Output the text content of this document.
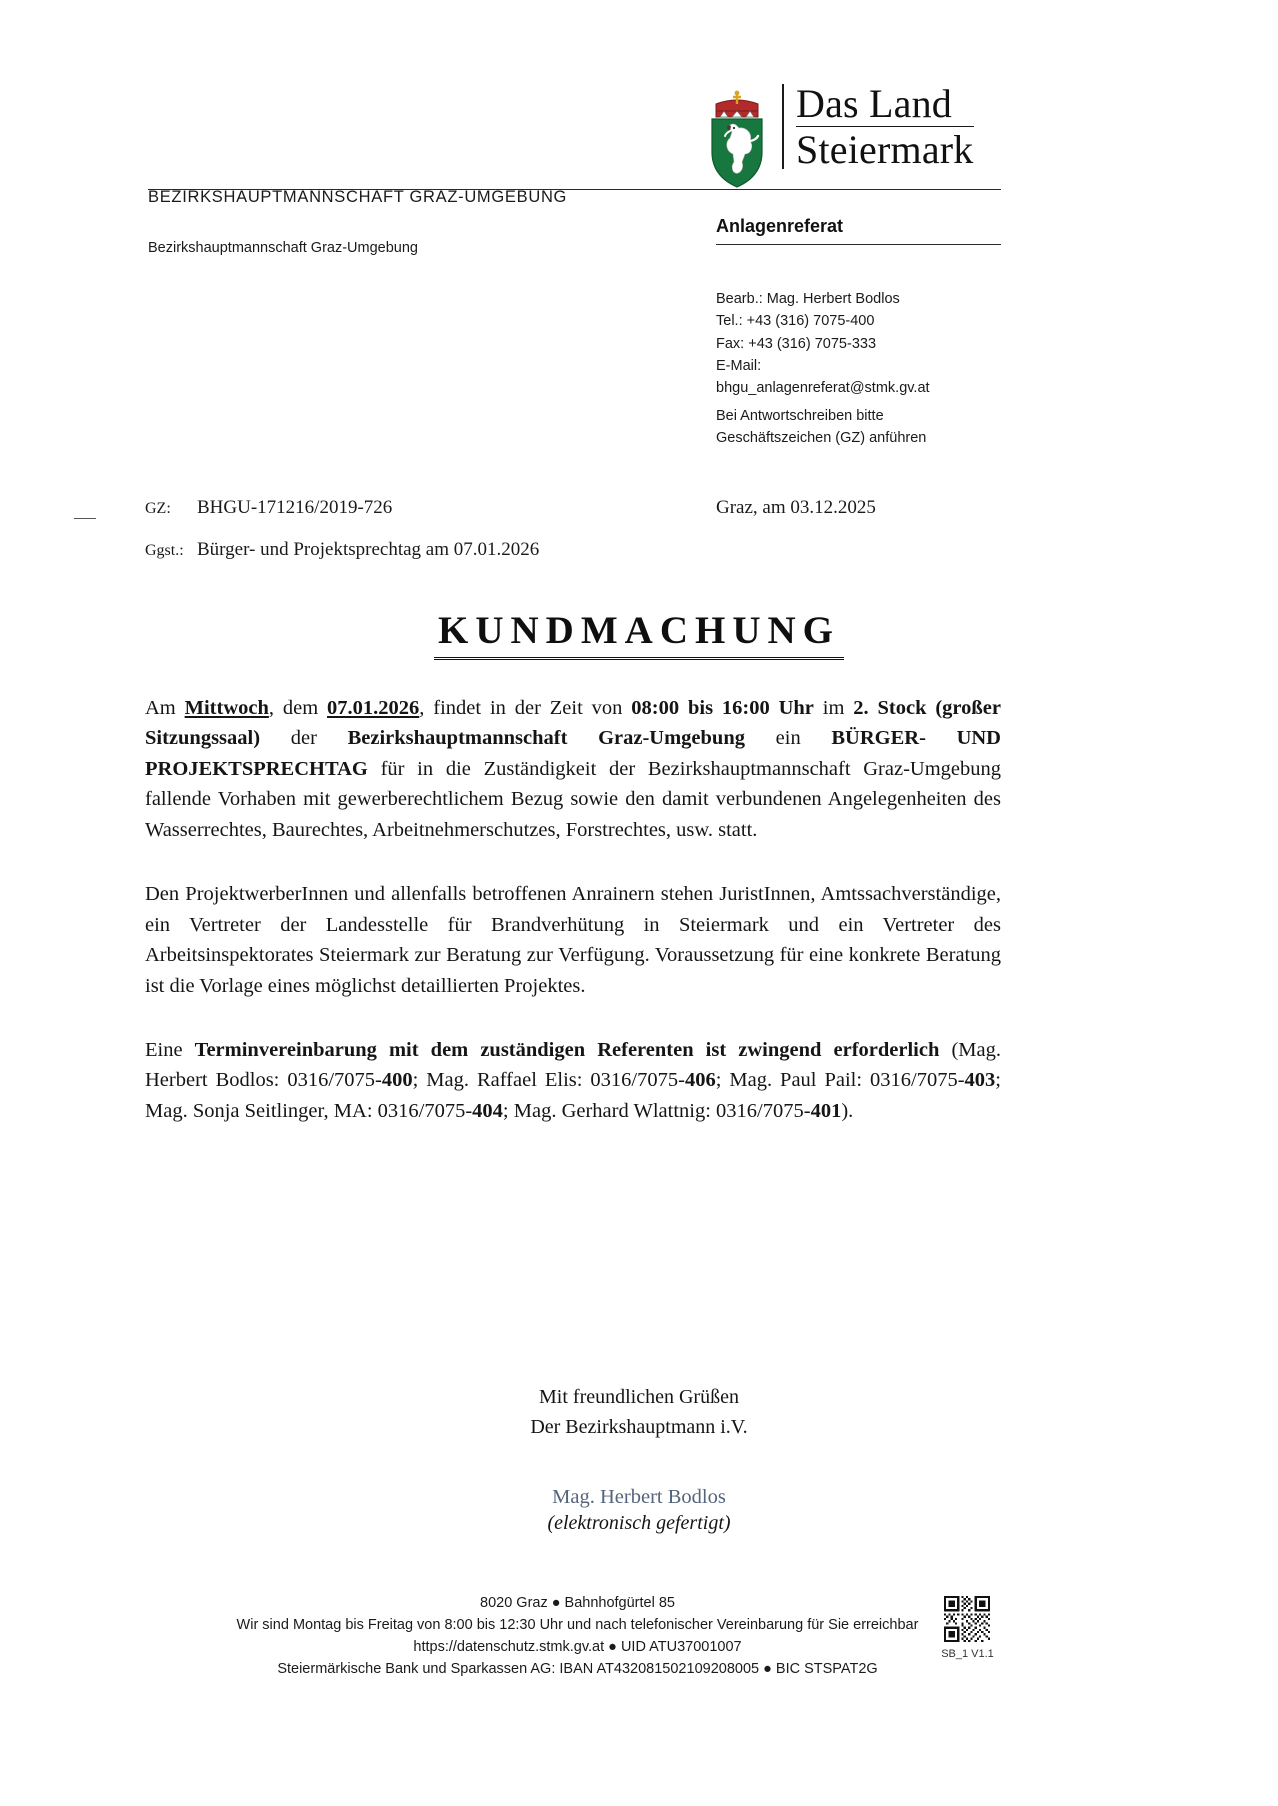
Das Land
Steiermark
BEZIRKSHAUPTMANNSCHAFT GRAZ-UMGEBUNG
Bezirkshauptmannschaft Graz-Umgebung
Anlagenreferat
Bearb.: Mag. Herbert Bodlos
Tel.: +43 (316) 7075-400
Fax: +43 (316) 7075-333
E-Mail:
bhgu_anlagenreferat@stmk.gv.at
Bei Antwortschreiben bitte
Geschäftszeichen (GZ) anführen
GZ: BHGU-171216/2019-726	Graz, am 03.12.2025
Ggst.: Bürger- und Projektsprechtag am 07.01.2026
KUNDMACHUNG

Am Mittwoch, dem 07.01.2026, findet in der Zeit von 08:00 bis 16:00 Uhr im 2. Stock (großer Sitzungssaal) der Bezirkshauptmannschaft Graz-Umgebung ein BÜRGER- UND PROJEKTSPRECHTAG für in die Zuständigkeit der Bezirkshauptmannschaft Graz-Umgebung fallende Vorhaben mit gewerberechtlichem Bezug sowie den damit verbundenen Angelegenheiten des Wasserrechtes, Baurechtes, Arbeitnehmerschutzes, Forstrechtes, usw. statt.

Den ProjektwerberInnen und allenfalls betroffenen Anrainern stehen JuristInnen, Amtssachverständige, ein Vertreter der Landesstelle für Brandverhütung in Steiermark und ein Vertreter des Arbeitsinspektorates Steiermark zur Beratung zur Verfügung. Voraussetzung für eine konkrete Beratung ist die Vorlage eines möglichst detaillierten Projektes.

Eine Terminvereinbarung mit dem zuständigen Referenten ist zwingend erforderlich (Mag. Herbert Bodlos: 0316/7075-400; Mag. Raffael Elis: 0316/7075-406; Mag. Paul Pail: 0316/7075-403; Mag. Sonja Seitlinger, MA: 0316/7075-404; Mag. Gerhard Wlattnig: 0316/7075-401).

Mit freundlichen Grüßen
Der Bezirkshauptmann i.V.
Mag. Herbert Bodlos
(elektronisch gefertigt)
8020 Graz ● Bahnhofgürtel 85
Wir sind Montag bis Freitag von 8:00 bis 12:30 Uhr und nach telefonischer Vereinbarung für Sie erreichbar
https://datenschutz.stmk.gv.at ● UID ATU37001007
Steiermärkische Bank und Sparkassen AG: IBAN AT432081502109208005 ● BIC STSPAT2G
SB_1 V1.1
